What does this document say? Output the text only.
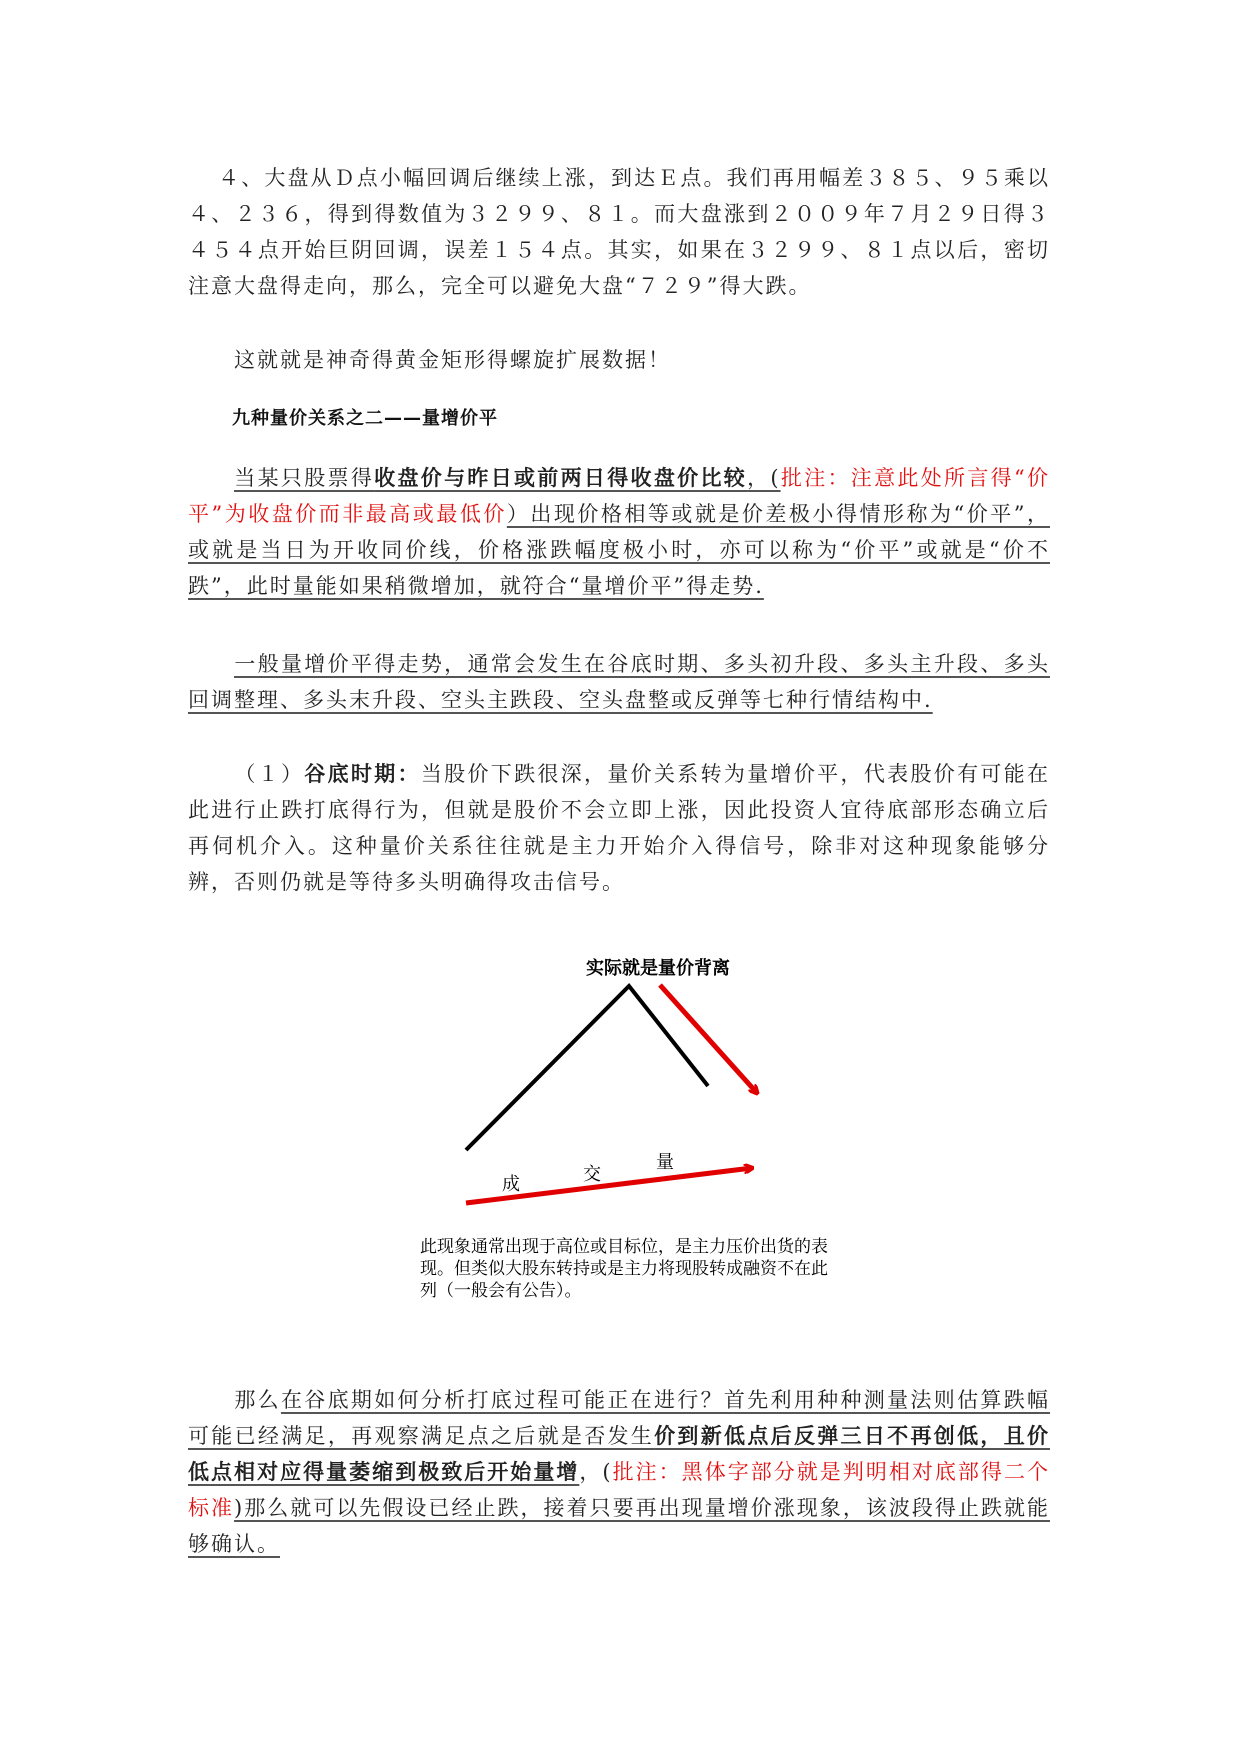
４、大盘从Ｄ点小幅回调后继续上涨，到达Ｅ点。我们再用幅差３８５、９５乘以４、２３６，得到得数值为３２９９、８１。而大盘涨到２００９年７月２９日得３４５４点开始巨阴回调，误差１５４点。其实，如果在３２９９、８１点以后，密切注意大盘得走向，那么，完全可以避免大盘“７２９”得大跌。
这就就是神奇得黄金矩形得螺旋扩展数据！
九种量价关系之二——量增价平
当某只股票得收盘价与昨日或前两日得收盘价比较，(批注：注意此处所言得“价平”为收盘价而非最高或最低价）出现价格相等或就是价差极小得情形称为“价平”，或就是当日为开收同价线，价格涨跌幅度极小时，亦可以称为“价平”或就是“价不跌”，此时量能如果稍微增加，就符合“量增价平”得走势.
一般量增价平得走势，通常会发生在谷底时期、多头初升段、多头主升段、多头回调整理、多头末升段、空头主跌段、空头盘整或反弹等七种行情结构中.
（１）谷底时期：当股价下跌很深，量价关系转为量增价平，代表股价有可能在此进行止跌打底得行为，但就是股价不会立即上涨，因此投资人宜待底部形态确立后再伺机介入。这种量价关系往往就是主力开始介入得信号，除非对这种现象能够分辨，否则仍就是等待多头明确得攻击信号。
实际就是量价背离
成	交
量
此现象通常出现于高位或目标位，是主力压价出货的表现。但类似大股东转持或是主力将现股转成融资不在此列（一般会有公告）。
那么在谷底期如何分析打底过程可能正在进行？首先利用种种测量法则估算跌幅可能已经满足，再观察满足点之后就是否发生价到新低点后反弹三日不再创低，且价低点相对应得量萎缩到极致后开始量增，(批注：黑体字部分就是判明相对底部得二个标准)那么就可以先假设已经止跌，接着只要再出现量增价涨现象，该波段得止跌就能够确认。
